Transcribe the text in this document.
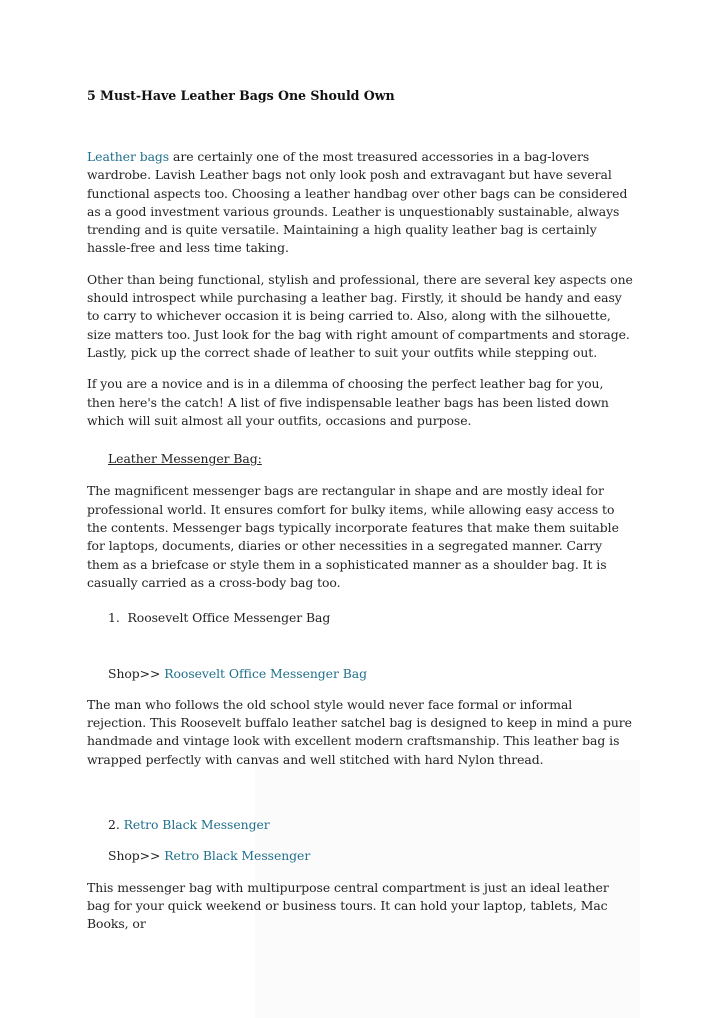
5 Must-Have Leather Bags One Should Own

Leather bags are certainly one of the most treasured accessories in a bag-lovers wardrobe. Lavish Leather bags not only look posh and extravagant but have several functional aspects too. Choosing a leather handbag over other bags can be considered as a good investment various grounds. Leather is unquestionably sustainable, always trending and is quite versatile. Maintaining a high quality leather bag is certainly hassle-free and less time taking.

Other than being functional, stylish and professional, there are several key aspects one should introspect while purchasing a leather bag. Firstly, it should be handy and easy to carry to whichever occasion it is being carried to. Also, along with the silhouette, size matters too. Just look for the bag with right amount of compartments and storage. Lastly, pick up the correct shade of leather to suit your outfits while stepping out.

If you are a novice and is in a dilemma of choosing the perfect leather bag for you, then here's the catch! A list of five indispensable leather bags has been listed down which will suit almost all your outfits, occasions and purpose.

Leather Messenger Bag:

The magnificent messenger bags are rectangular in shape and are mostly ideal for professional world. It ensures comfort for bulky items, while allowing easy access to the contents. Messenger bags typically incorporate features that make them suitable for laptops, documents, diaries or other necessities in a segregated manner. Carry them as a briefcase or style them in a sophisticated manner as a shoulder bag. It is casually carried as a cross-body bag too.

1. Roosevelt Office Messenger Bag

Shop>> Roosevelt Office Messenger Bag

The man who follows the old school style would never face formal or informal rejection. This Roosevelt buffalo leather satchel bag is designed to keep in mind a pure handmade and vintage look with excellent modern craftsmanship. This leather bag is wrapped perfectly with canvas and well stitched with hard Nylon thread.

2. Retro Black Messenger

Shop>> Retro Black Messenger

This messenger bag with multipurpose central compartment is just an ideal leather bag for your quick weekend or business tours. It can hold your laptop, tablets, Mac Books, or
